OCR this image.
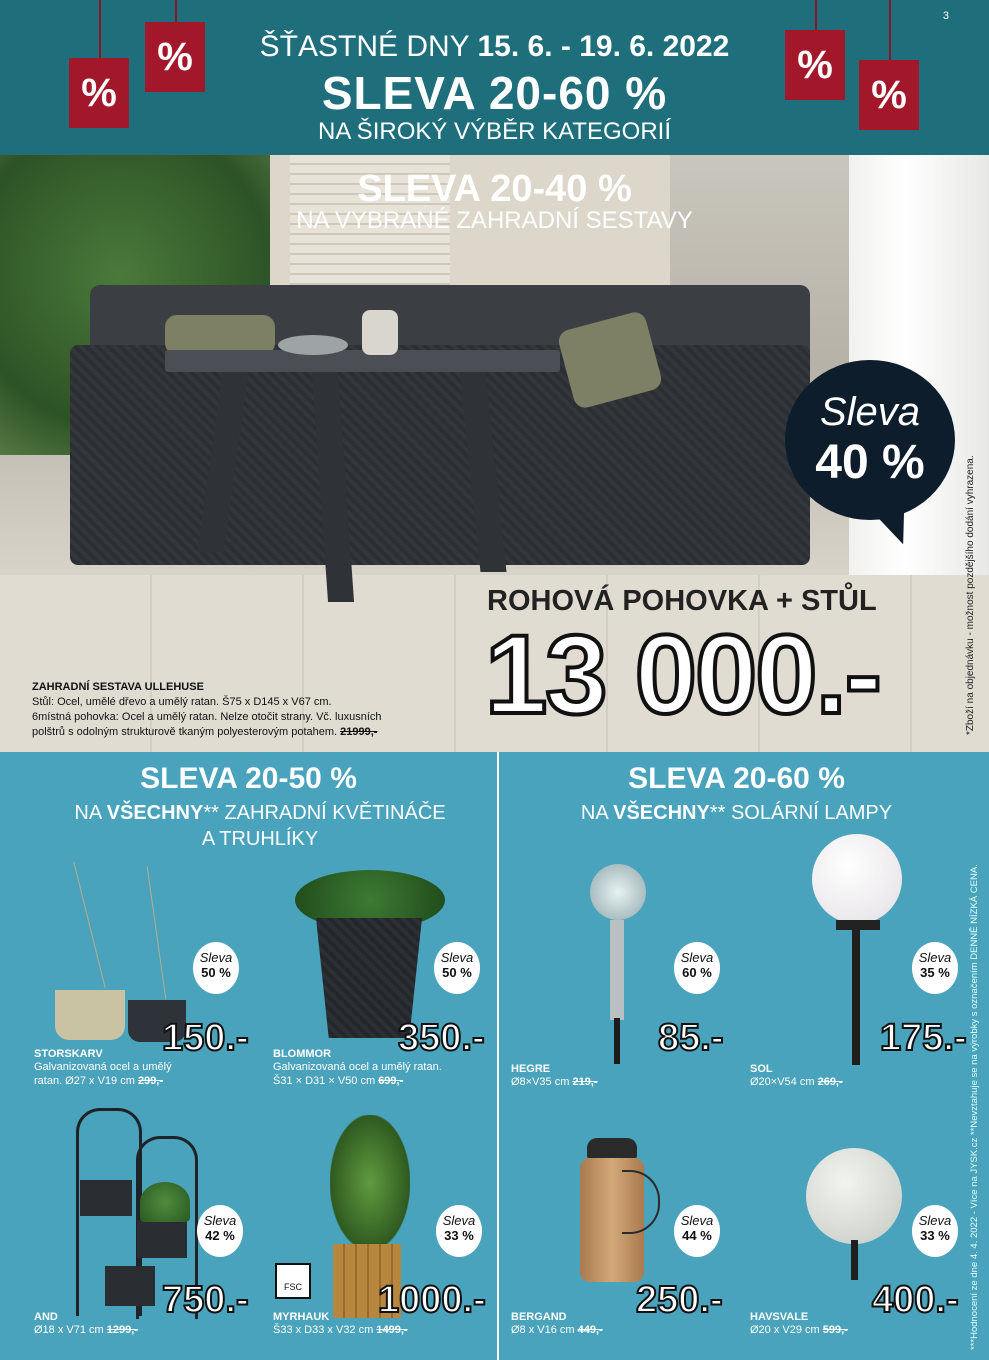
%
%	%
%
3
ŠŤASTNÉ DNY 15. 6. - 19. 6. 2022
SLEVA 20-60 %
NA ŠIROKÝ VÝBĚR KATEGORIÍ
SLEVA 20-40 %
NA VYBRANÉ ZAHRADNÍ SESTAVY
Sleva
40 %	*Zboží na objednávku - možnost pozdějšího dodání vyhrazena.
ROHOVÁ POHOVKA + STŮL
13 000.-
ZAHRADNÍ SESTAVA ULLEHUSE
Stůl: Ocel, umělé dřevo a umělý ratan. Š75 x D145 x V67 cm.
6místná pohovka: Ocel a umělý ratan. Nelze otočit strany. Vč. luxusních
polštrů s odolným strukturově tkaným polyesterovým potahem. 21999,-
SLEVA 20-50 %
NA VŠECHNY** ZAHRADNÍ KVĚTINÁČE
A TRUHLÍKY
SLEVA 20-60 %
NA VŠECHNY** SOLÁRNÍ LAMPY
***Hodnocení ze dne 4. 4. 2022 - Více na JYSK.cz **Nevztahuje se na výrobky s označením DENNĚ NÍZKÁ CENA.
Sleva
50 %
150.-
STORSKARV
Galvanizovaná ocel a umělý
ratan. Ø27 x V19 cm 299,-
Sleva
50 %
350.-
BLOMMOR
Galvanizovaná ocel a umělý ratan.
Š31 × D31 × V50 cm 699,-
Sleva
60 %
85.-
HEGRE
Ø8×V35 cm 219,-
Sleva
35 %
175.-
SOL
Ø20×V54 cm 269,-
Sleva
42 %
750.-
AND
Ø18 x V71 cm 1299,-
FSC
Sleva
33 %
1000.-
MYRHAUK
Š33 x D33 x V32 cm 1499,-
Sleva
44 %
250.-
BERGAND
Ø8 x V16 cm 449,-
Sleva
33 %
400.-
HAVSVALE
Ø20 x V29 cm 599,-
